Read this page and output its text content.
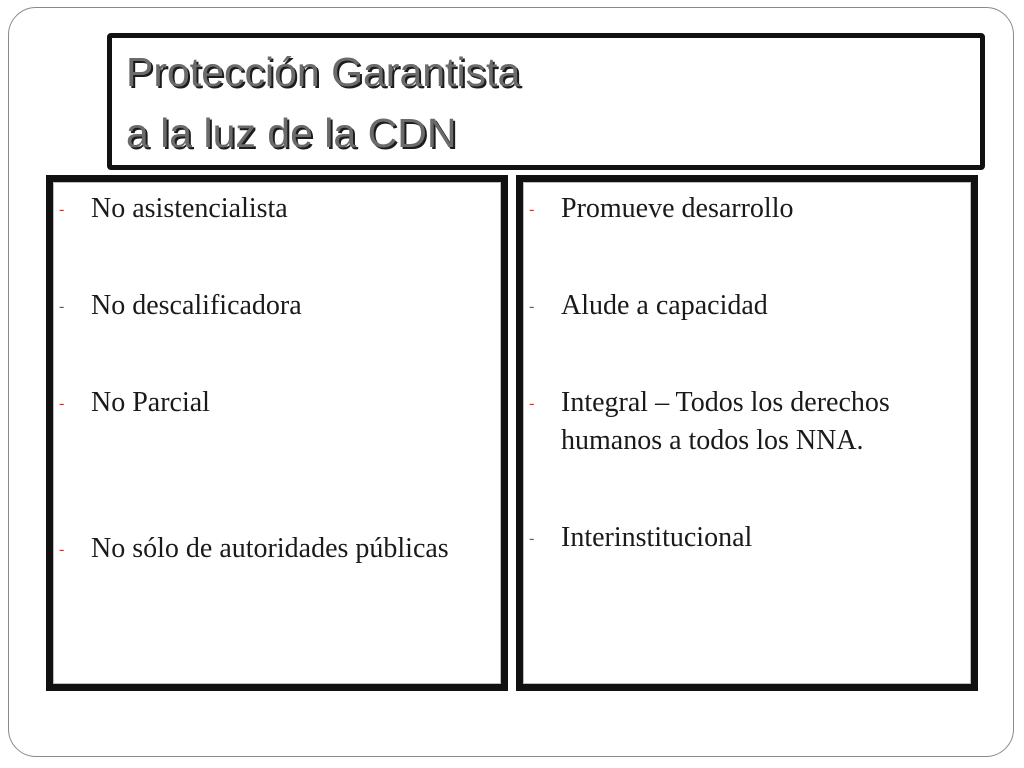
Protección Garantista
a la luz de la CDN
- No asistencialista
- No descalificadora
- No Parcial
- No sólo de autoridades públicas
- Promueve desarrollo
- Alude a capacidad
- Integral – Todos los derechos humanos a todos los NNA.
- Interinstitucional
